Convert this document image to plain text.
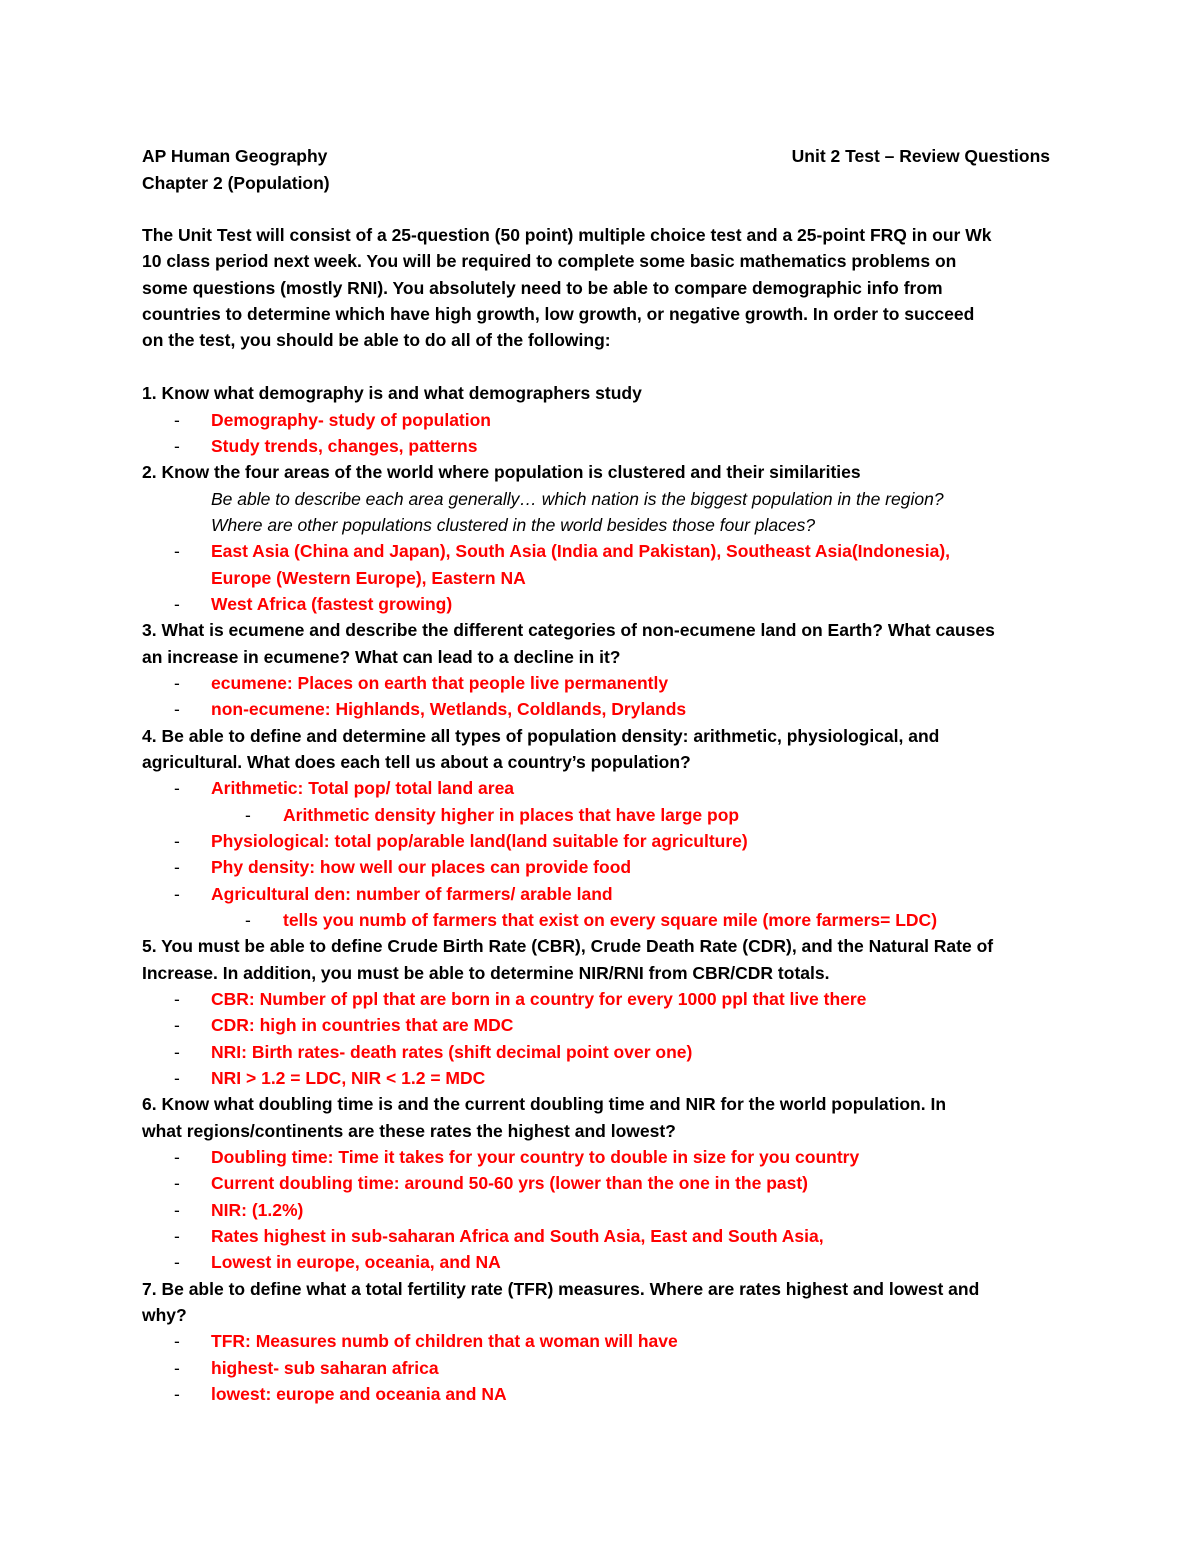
AP Human Geography	Unit 2 Test – Review Questions
Chapter 2 (Population)
The Unit Test will consist of a 25-question (50 point) multiple choice test and a 25-point FRQ in our Wk
10 class period next week. You will be required to complete some basic mathematics problems on
some questions (mostly RNI). You absolutely need to be able to compare demographic info from
countries to determine which have high growth, low growth, or negative growth. In order to succeed
on the test, you should be able to do all of the following:
1. Know what demography is and what demographers study
- Demography- study of population
- Study trends, changes, patterns
2. Know the four areas of the world where population is clustered and their similarities
Be able to describe each area generally… which nation is the biggest population in the region?
Where are other populations clustered in the world besides those four places?
- East Asia (China and Japan), South Asia (India and Pakistan), Southeast Asia(Indonesia),
Europe (Western Europe), Eastern NA
- West Africa (fastest growing)
3. What is ecumene and describe the different categories of non-ecumene land on Earth? What causes
an increase in ecumene? What can lead to a decline in it?
- ecumene: Places on earth that people live permanently
- non-ecumene: Highlands, Wetlands, Coldlands, Drylands
4. Be able to define and determine all types of population density: arithmetic, physiological, and
agricultural. What does each tell us about a country’s population?
- Arithmetic: Total pop/ total land area
- Arithmetic density higher in places that have large pop
- Physiological: total pop/arable land(land suitable for agriculture)
- Phy density: how well our places can provide food
- Agricultural den: number of farmers/ arable land
- tells you numb of farmers that exist on every square mile (more farmers= LDC)
5. You must be able to define Crude Birth Rate (CBR), Crude Death Rate (CDR), and the Natural Rate of
Increase. In addition, you must be able to determine NIR/RNI from CBR/CDR totals.
- CBR: Number of ppl that are born in a country for every 1000 ppl that live there
- CDR: high in countries that are MDC
- NRI: Birth rates- death rates (shift decimal point over one)
- NRI > 1.2 = LDC, NIR < 1.2 = MDC
6. Know what doubling time is and the current doubling time and NIR for the world population. In
what regions/continents are these rates the highest and lowest?
- Doubling time: Time it takes for your country to double in size for you country
- Current doubling time: around 50-60 yrs (lower than the one in the past)
- NIR: (1.2%)
- Rates highest in sub-saharan Africa and South Asia, East and South Asia,
- Lowest in europe, oceania, and NA
7. Be able to define what a total fertility rate (TFR) measures. Where are rates highest and lowest and
why?
- TFR: Measures numb of children that a woman will have
- highest- sub saharan africa
- lowest: europe and oceania and NA
